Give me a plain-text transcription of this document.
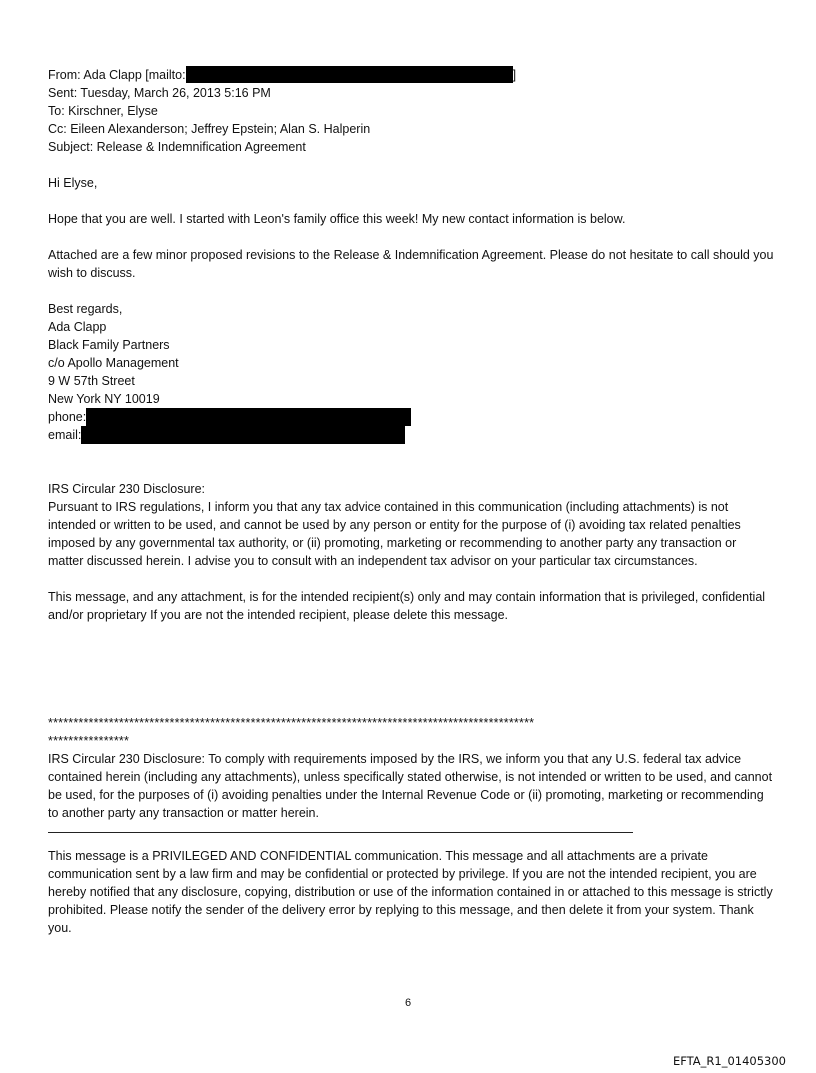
From: Ada Clapp [mailto:	]
Sent: Tuesday, March 26, 2013 5:16 PM
To: Kirschner, Elyse
Cc: Eileen Alexanderson; Jeffrey Epstein; Alan S. Halperin
Subject: Release & Indemnification Agreement
Hi Elyse,

Hope that you are well. I started with Leon's family office this week! My new contact information is below.

Attached are a few minor proposed revisions to the Release & Indemnification Agreement. Please do not hesitate to call should you wish to discuss.

Best regards,
Ada Clapp
Black Family Partners
c/o Apollo Management
9 W 57th Street
New York NY 10019
phone:
email:
IRS Circular 230 Disclosure:

Pursuant to IRS regulations, I inform you that any tax advice contained in this communication (including attachments) is not intended or written to be used, and cannot be used by any person or entity for the purpose of (i) avoiding tax related penalties imposed by any governmental tax authority, or (ii) promoting, marketing or recommending to another party any transaction or matter discussed herein. I advise you to consult with an independent tax advisor on your particular tax circumstances.

This message, and any attachment, is for the intended recipient(s) only and may contain information that is privileged, confidential and/or proprietary If you are not the intended recipient, please delete this message.

************************************************************************************************
****************

IRS Circular 230 Disclosure: To comply with requirements imposed by the IRS, we inform you that any U.S. federal tax advice contained herein (including any attachments), unless specifically stated otherwise, is not intended or written to be used, and cannot be used, for the purposes of (i) avoiding penalties under the Internal Revenue Code or (ii) promoting, marketing or recommending to another party any transaction or matter herein.

This message is a PRIVILEGED AND CONFIDENTIAL communication. This message and all attachments are a private communication sent by a law firm and may be confidential or protected by privilege. If you are not the intended recipient, you are hereby notified that any disclosure, copying, distribution or use of the information contained in or attached to this message is strictly prohibited. Please notify the sender of the delivery error by replying to this message, and then delete it from your system. Thank you.

6
EFTA_R1_01405300
